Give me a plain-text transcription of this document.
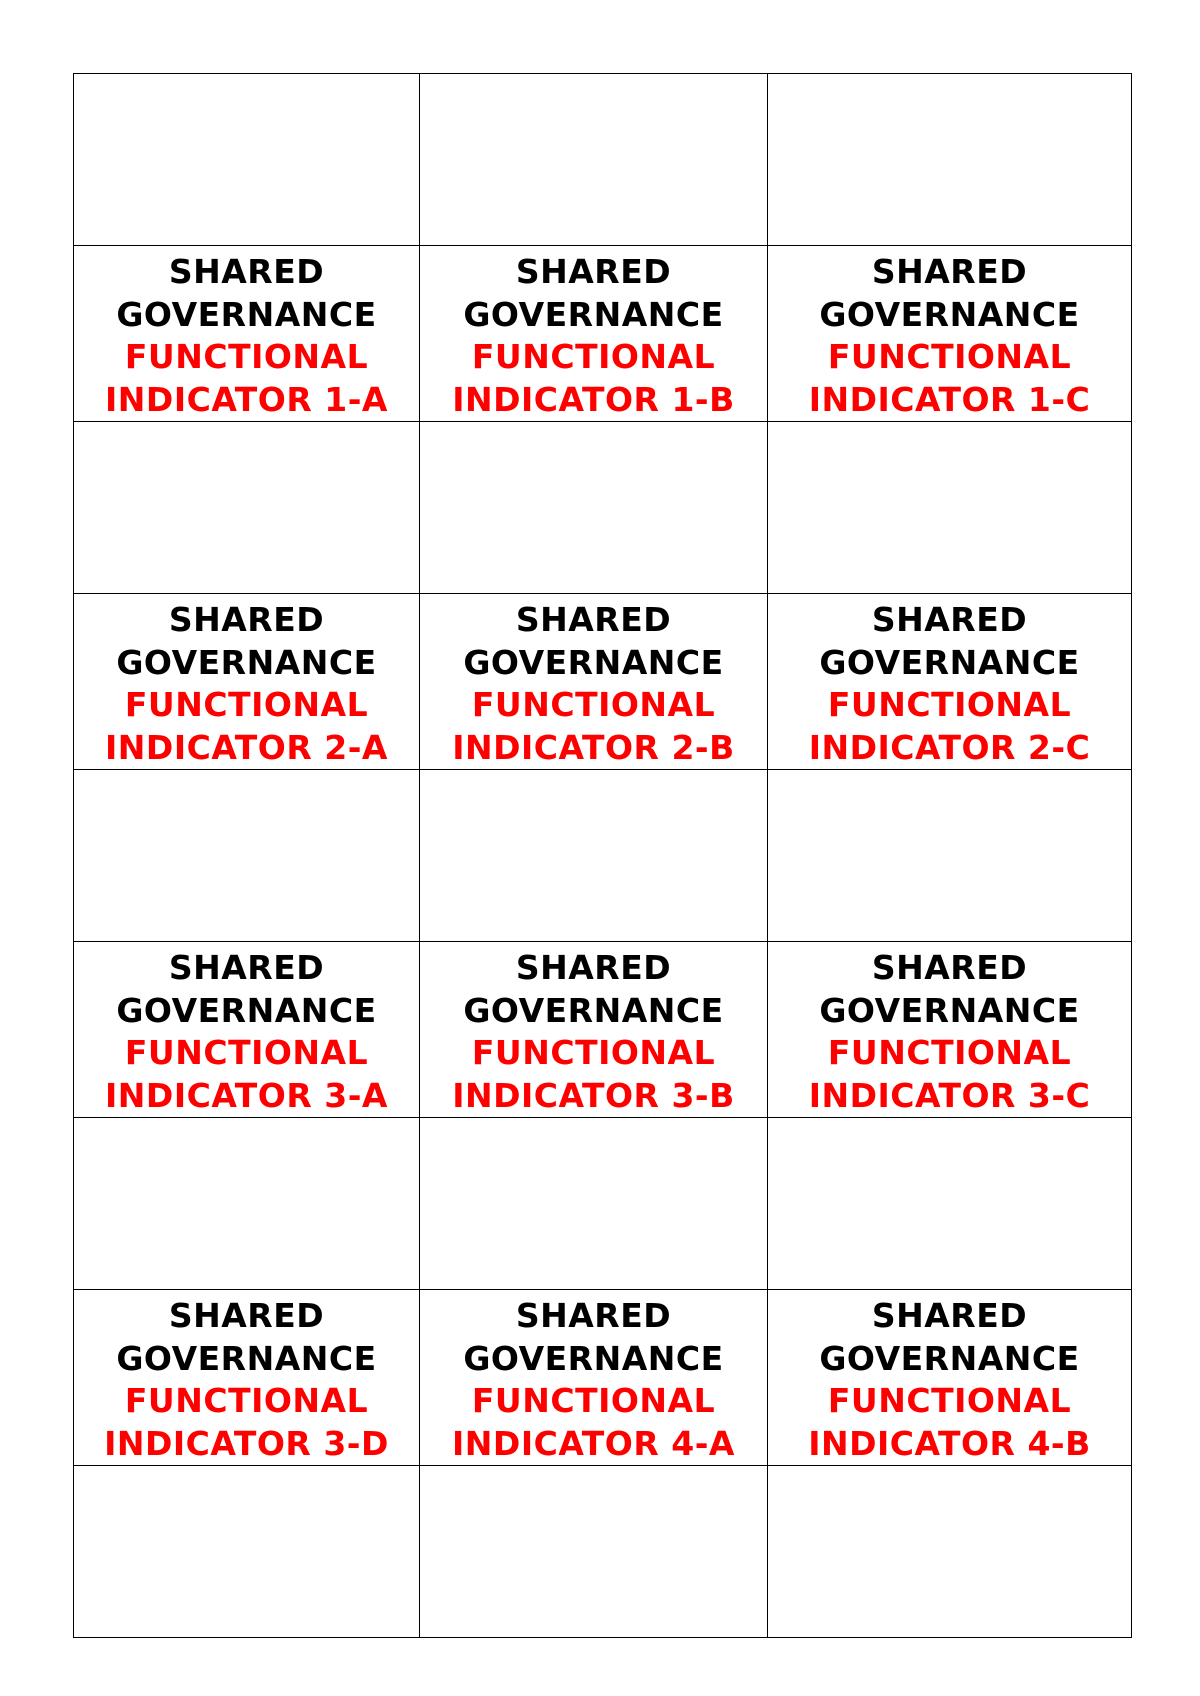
SHARED
GOVERNANCE
FUNCTIONAL
INDICATOR 1-A	SHARED
GOVERNANCE
FUNCTIONAL
INDICATOR 1-B	SHARED
GOVERNANCE
FUNCTIONAL
INDICATOR 1-C

SHARED
GOVERNANCE
FUNCTIONAL
INDICATOR 2-A	SHARED
GOVERNANCE
FUNCTIONAL
INDICATOR 2-B	SHARED
GOVERNANCE
FUNCTIONAL
INDICATOR 2-C

SHARED
GOVERNANCE
FUNCTIONAL
INDICATOR 3-A	SHARED
GOVERNANCE
FUNCTIONAL
INDICATOR 3-B	SHARED
GOVERNANCE
FUNCTIONAL
INDICATOR 3-C

SHARED
GOVERNANCE
FUNCTIONAL
INDICATOR 3-D	SHARED
GOVERNANCE
FUNCTIONAL
INDICATOR 4-A	SHARED
GOVERNANCE
FUNCTIONAL
INDICATOR 4-B
